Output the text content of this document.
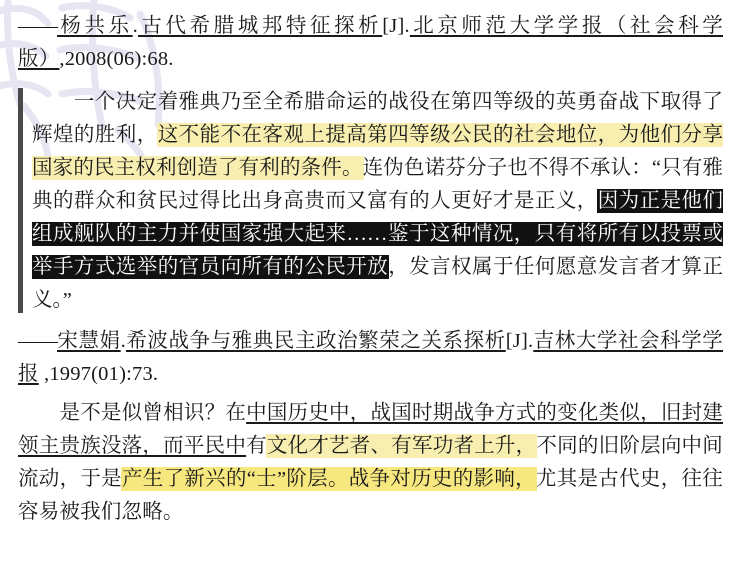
——杨共乐.古代希腊城邦特征探析[J].北京师范大学学报（社会科学版）,2008(06):68.

　　一个决定着雅典乃至全希腊命运的战役在第四等级的英勇奋战下取得了辉煌的胜利，这不能不在客观上提高第四等级公民的社会地位，为他们分享国家的民主权利创造了有利的条件。连伪色诺芬分子也不得不承认：“只有雅典的群众和贫民过得比出身高贵而又富有的人更好才是正义，因为正是他们组成舰队的主力并使国家强大起来……鉴于这种情况，只有将所有以投票或举手方式选举的官员向所有的公民开放，发言权属于任何愿意发言者才算正义。”

——宋慧娟.希波战争与雅典民主政治繁荣之关系探析[J].吉林大学社会科学学报 ,1997(01):73.

　　是不是似曾相识？在中国历史中，战国时期战争方式的变化类似，旧封建领主贵族没落，而平民中有文化才艺者、有军功者上升，不同的旧阶层向中间流动，于是产生了新兴的“士”阶层。战争对历史的影响，尤其是古代史，往往容易被我们忽略。
